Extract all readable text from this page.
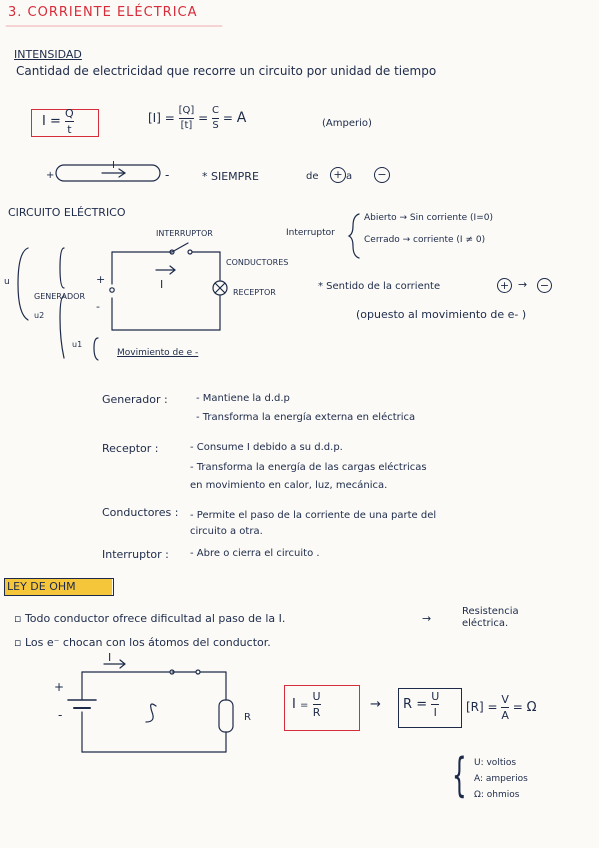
3. CORRIENTE ELÉCTRICA
INTENSIDAD
Cantidad de electricidad que recorre un circuito por unidad de tiempo
$I = \frac{Q}{t}$	$[I] = \frac{[Q]}{[t]} = \frac{C}{S} = A$	(Amperio)
+
I
-	* SIEMPRE	de	a
+	−
CIRCUITO ELÉCTRICO
INTERRUPTOR
CONDUCTORES
RECEPTOR
GENERADOR
I
u
u2
u1
+
-
Movimiento de e -
Interruptor
Abierto → Sin corriente (I=0)
Cerrado → corriente (I ≠ 0)
* Sentido de la corriente	+ → −
(opuesto al movimiento de e- )
Generador :	- Mantiene la d.d.p
- Transforma la energía externa en eléctrica
Receptor :	- Consume I debido a su d.d.p.
- Transforma la energía de las cargas eléctricas
en movimiento en calor, luz, mecánica.
Conductores : - Permite el paso de la corriente de una parte del
circuito a otra.
Interruptor : - Abre o cierra el circuito .
LEY DE OHM
▫ Todo conductor ofrece dificultad al paso de la I.	→
Resistencia eléctrica.
▫ Los e⁻ chocan con los átomos del conductor.
I
+
-	R
$I = \frac{U}{R}$	→ $R = \frac{U}{I} [R] = \frac{V}{A} = \Omega$
{ U: voltios
A: amperios
Ω: ohmios
